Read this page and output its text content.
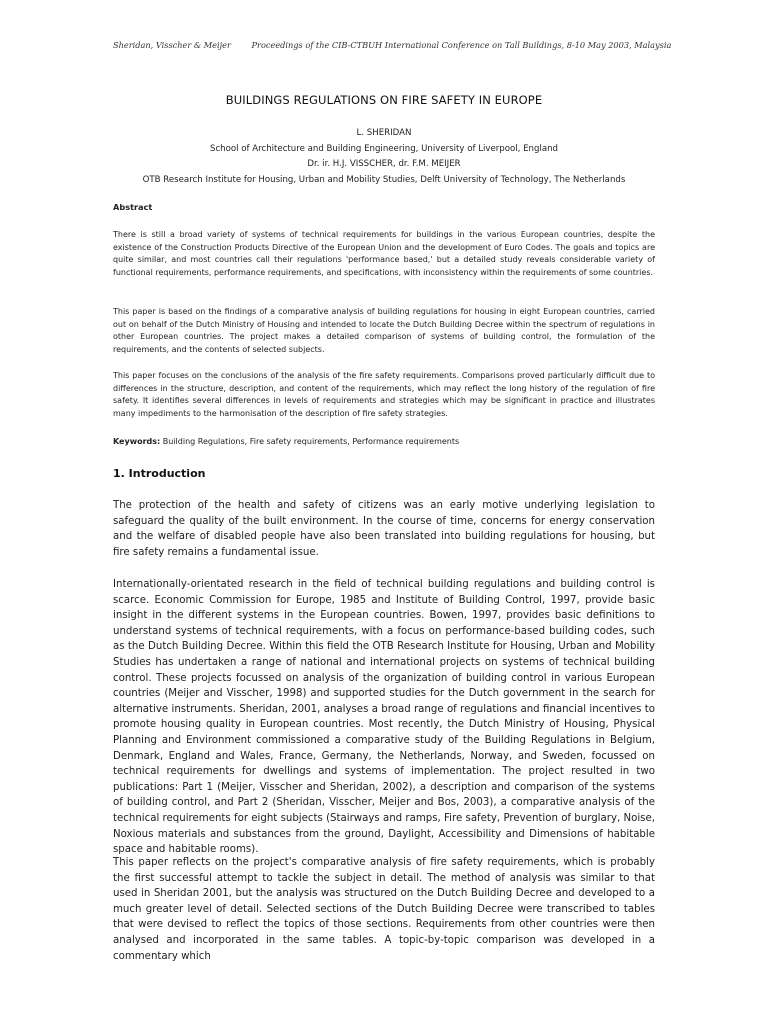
Sheridan, Visscher & Meijer	Proceedings of the CIB-CTBUH International Conference on Tall Buildings, 8-10 May 2003, Malaysia
BUILDINGS REGULATIONS ON FIRE SAFETY IN EUROPE
L. SHERIDAN
School of Architecture and Building Engineering, University of Liverpool, England
Dr. ir. H.J. VISSCHER, dr. F.M. MEIJER
OTB Research Institute for Housing, Urban and Mobility Studies, Delft University of Technology, The Netherlands
Abstract
There is still a broad variety of systems of technical requirements for buildings in the various European countries, despite the existence of the Construction Products Directive of the European Union and the development of Euro Codes. The goals and topics are quite similar, and most countries call their regulations 'performance based,' but a detailed study reveals considerable variety of functional requirements, performance requirements, and specifications, with inconsistency within the requirements of some countries.
This paper is based on the findings of a comparative analysis of building regulations for housing in eight European countries, carried out on behalf of the Dutch Ministry of Housing and intended to locate the Dutch Building Decree within the spectrum of regulations in other European countries. The project makes a detailed comparison of systems of building control, the formulation of the requirements, and the contents of selected subjects.
This paper focuses on the conclusions of the analysis of the fire safety requirements. Comparisons proved particularly difficult due to differences in the structure, description, and content of the requirements, which may reflect the long history of the regulation of fire safety. It identifies several differences in levels of requirements and strategies which may be significant in practice and illustrates many impediments to the harmonisation of the description of fire safety strategies.
Keywords: Building Regulations, Fire safety requirements, Performance requirements
1. Introduction
The protection of the health and safety of citizens was an early motive underlying legislation to safeguard the quality of the built environment. In the course of time, concerns for energy conservation and the welfare of disabled people have also been translated into building regulations for housing, but fire safety remains a fundamental issue.
Internationally-orientated research in the field of technical building regulations and building control is scarce. Economic Commission for Europe, 1985 and Institute of Building Control, 1997, provide basic insight in the different systems in the European countries. Bowen, 1997, provides basic definitions to understand systems of technical requirements, with a focus on performance-based building codes, such as the Dutch Building Decree. Within this field the OTB Research Institute for Housing, Urban and Mobility Studies has undertaken a range of national and international projects on systems of technical building control. These projects focussed on analysis of the organization of building control in various European countries (Meijer and Visscher, 1998) and supported studies for the Dutch government in the search for alternative instruments. Sheridan, 2001, analyses a broad range of regulations and financial incentives to promote housing quality in European countries. Most recently, the Dutch Ministry of Housing, Physical Planning and Environment commissioned a comparative study of the Building Regulations in Belgium, Denmark, England and Wales, France, Germany, the Netherlands, Norway, and Sweden, focussed on technical requirements for dwellings and systems of implementation. The project resulted in two publications: Part 1 (Meijer, Visscher and Sheridan, 2002), a description and comparison of the systems of building control, and Part 2 (Sheridan, Visscher, Meijer and Bos, 2003), a comparative analysis of the technical requirements for eight subjects (Stairways and ramps, Fire safety, Prevention of burglary, Noise, Noxious materials and substances from the ground, Daylight, Accessibility and Dimensions of habitable space and habitable rooms).
This paper reflects on the project's comparative analysis of fire safety requirements, which is probably the first successful attempt to tackle the subject in detail. The method of analysis was similar to that used in Sheridan 2001, but the analysis was structured on the Dutch Building Decree and developed to a much greater level of detail. Selected sections of the Dutch Building Decree were transcribed to tables that were devised to reflect the topics of those sections. Requirements from other countries were then analysed and incorporated in the same tables. A topic-by-topic comparison was developed in a commentary which
